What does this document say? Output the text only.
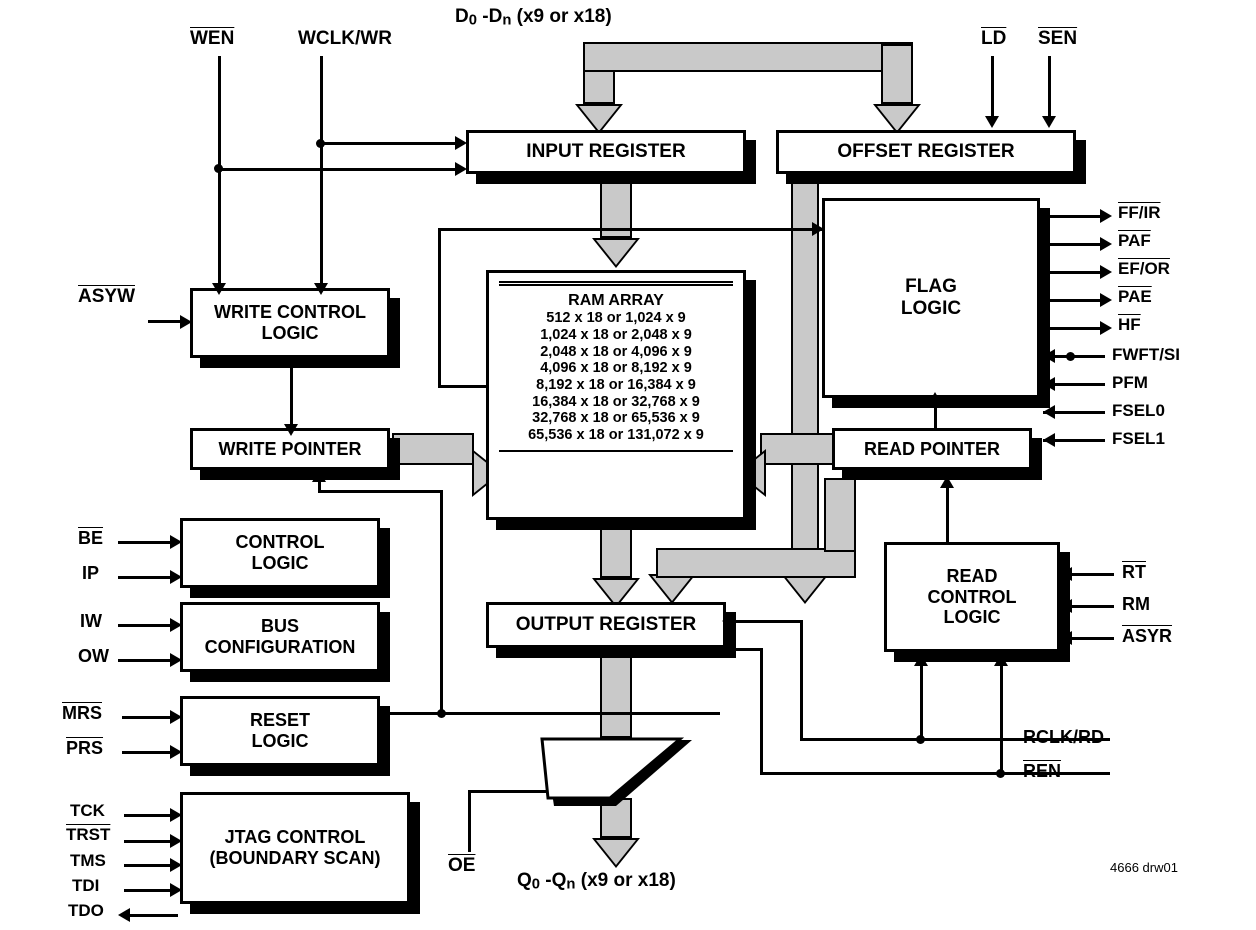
$\overline{WEN}$	WCLK/WR
D0 -Dn (x9 or x18)
$\overline{LD}$ $\overline{SEN}$
INPUT REGISTER	OFFSET REGISTER
WRITE CONTROL
LOGIC
ASYW
WRITE POINTER
RAM ARRAY
512 x 18 or 1,024 x 9
1,024 x 18 or 2,048 x 9
2,048 x 18 or 4,096 x 9
4,096 x 18 or 8,192 x 9
8,192 x 18 or 16,384 x 9
16,384 x 18 or 32,768 x 9
32,768 x 18 or 65,536 x 9
65,536 x 18 or 131,072 x 9
FLAG
LOGIC
FF/IR
$\overline{PAF}$
EF/OR
$\overline{PAE}$
$\overline{HF}$
FWFT/SI
PFM
FSEL0
FSEL1
READ POINTER
READ
CONTROL
LOGIC
$\overline{RT}$
RM
ASYR
RCLK/RD
$\overline{REN}$
CONTROL
LOGIC
$\overline{BE}$
IP
BUS
CONFIGURATION
IW
OW
RESET
LOGIC
$\overline{MRS}$
$\overline{PRS}$
JTAG CONTROL
(BOUNDARY SCAN)
TCK
TRST
TMS
TDI
TDO
OUTPUT REGISTER
$\overline{OE}$
Q0 -Qn (x9 or x18)
4666 drw01
